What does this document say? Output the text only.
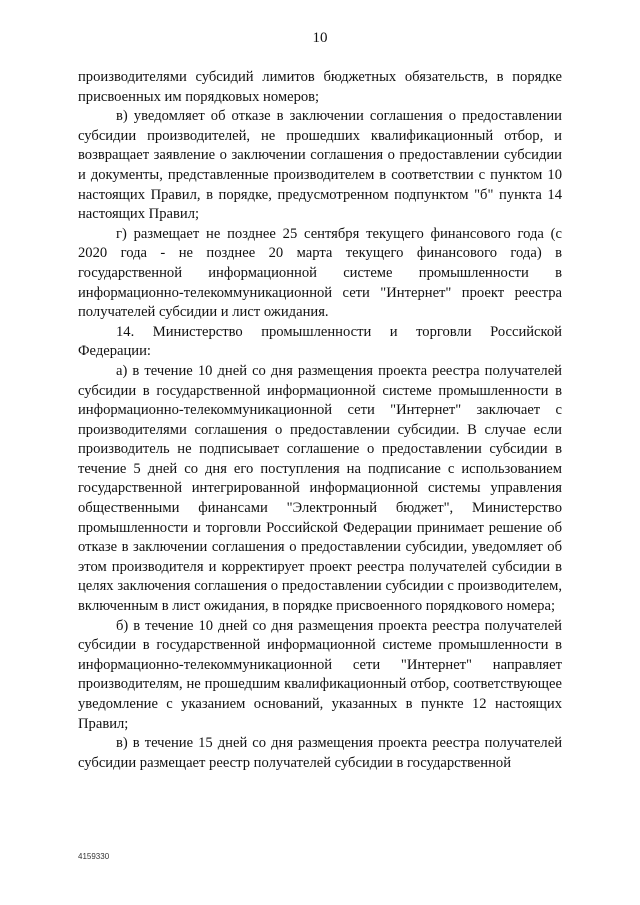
10

производителями субсидий лимитов бюджетных обязательств, в порядке присвоенных им порядковых номеров;

в) уведомляет об отказе в заключении соглашения о предоставлении субсидии производителей, не прошедших квалификационный отбор, и возвращает заявление о заключении соглашения о предоставлении субсидии и документы, представленные производителем в соответствии с пунктом 10 настоящих Правил, в порядке, предусмотренном подпунктом "б" пункта 14 настоящих Правил;

г) размещает не позднее 25 сентября текущего финансового года (с 2020 года - не позднее 20 марта текущего финансового года) в государственной информационной системе промышленности в информационно-телекоммуникационной сети "Интернет" проект реестра получателей субсидии и лист ожидания.

14. Министерство промышленности и торговли Российской Федерации:

а) в течение 10 дней со дня размещения проекта реестра получателей субсидии в государственной информационной системе промышленности в информационно-телекоммуникационной сети "Интернет" заключает с производителями соглашения о предоставлении субсидии. В случае если производитель не подписывает соглашение о предоставлении субсидии в течение 5 дней со дня его поступления на подписание с использованием государственной интегрированной информационной системы управления общественными финансами "Электронный бюджет", Министерство промышленности и торговли Российской Федерации принимает решение об отказе в заключении соглашения о предоставлении субсидии, уведомляет об этом производителя и корректирует проект реестра получателей субсидии в целях заключения соглашения о предоставлении субсидии с производителем, включенным в лист ожидания, в порядке присвоенного порядкового номера;

б) в течение 10 дней со дня размещения проекта реестра получателей субсидии в государственной информационной системе промышленности в информационно-телекоммуникационной сети "Интернет" направляет производителям, не прошедшим квалификационный отбор, соответствующее уведомление с указанием оснований, указанных в пункте 12 настоящих Правил;

в) в течение 15 дней со дня размещения проекта реестра получателей субсидии размещает реестр получателей субсидии в государственной

4159330
